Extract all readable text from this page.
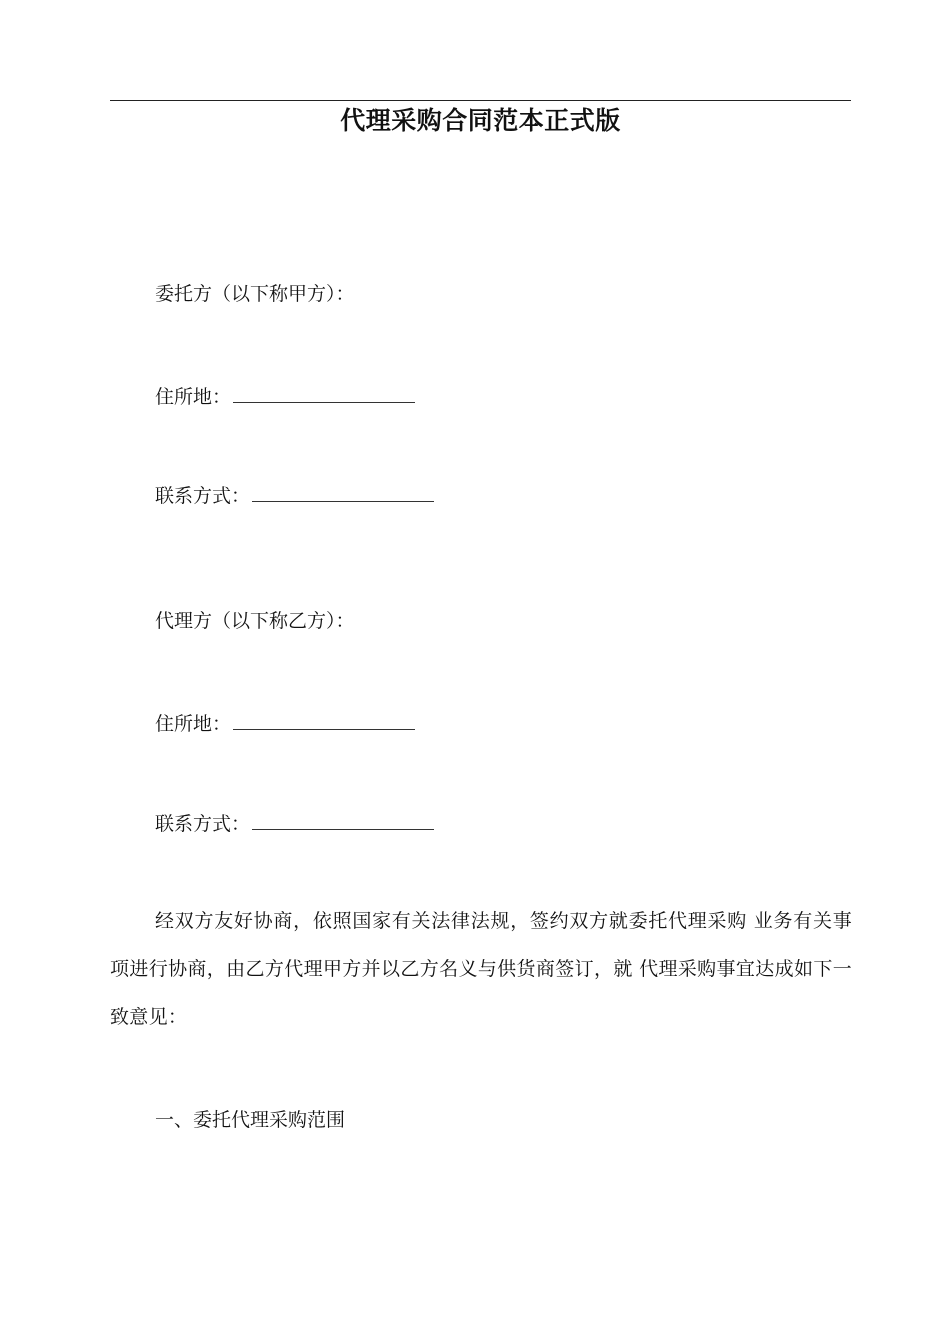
代理采购合同范本正式版
委托方（以下称甲方）：
住所地：
联系方式：
代理方（以下称乙方）：
住所地：
联系方式：
经双方友好协商，依照国家有关法律法规，签约双方就委托代理采购 业务有关事项进行协商，由乙方代理甲方并以乙方名义与供货商签订，就 代理采购事宜达成如下一致意见：
一、委托代理采购范围
